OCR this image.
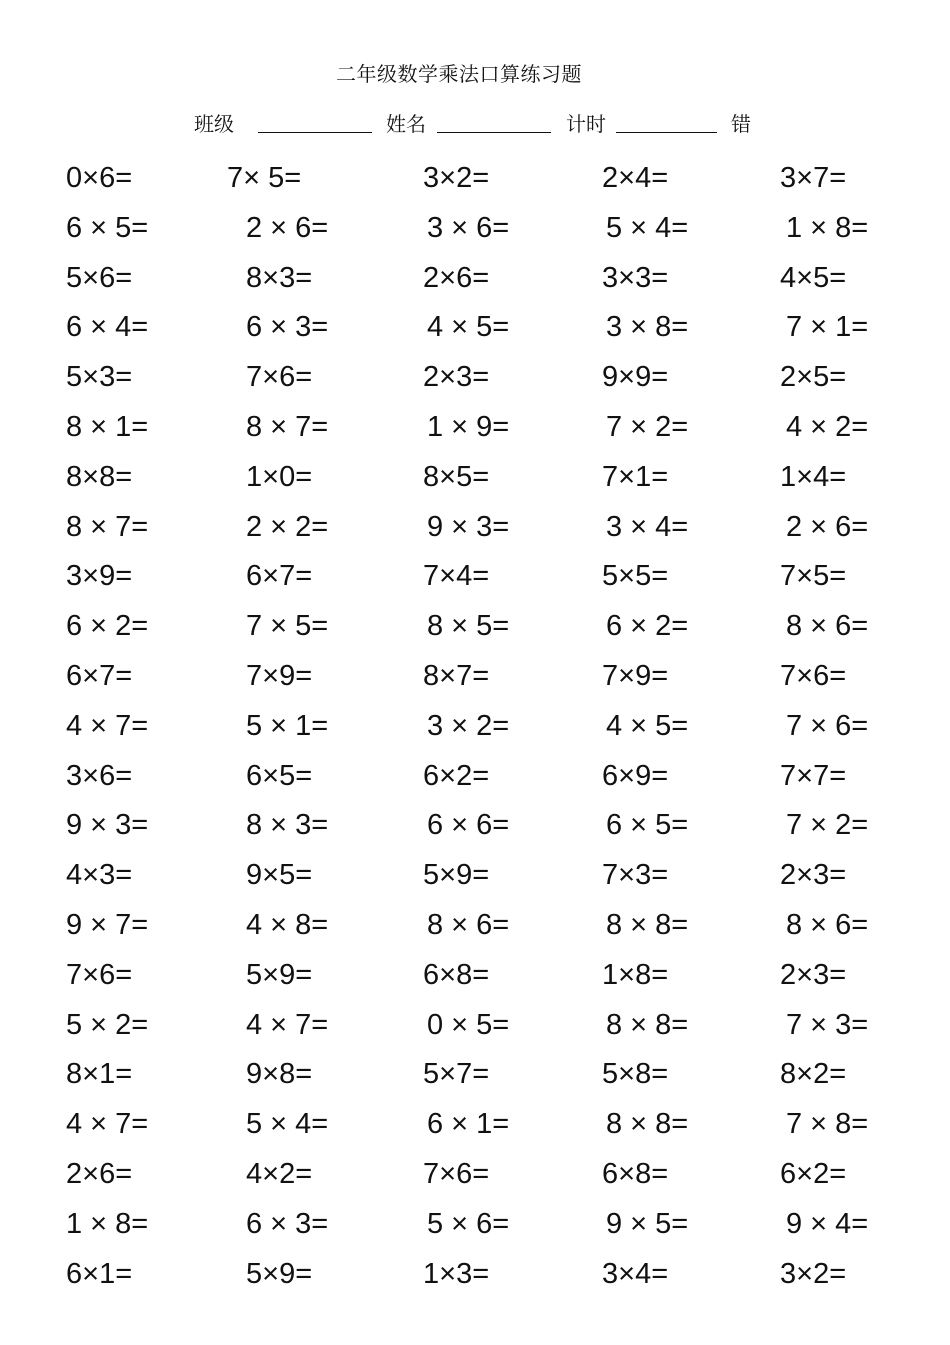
二年级数学乘法口算练习题
班级	姓名	计时	错
0×6=	7× 5=	3×2=	2×4=	3×7=
6 × 5=	2 × 6=	3 × 6=	5 × 4=	1 × 8=
5×6=	8×3=	2×6=	3×3=	4×5=
6 × 4=	6 × 3=	4 × 5=	3 × 8=	7 × 1=
5×3=	7×6=	2×3=	9×9=	2×5=
8 × 1=	8 × 7=	1 × 9=	7 × 2=	4 × 2=
8×8=	1×0=	8×5=	7×1=	1×4=
8 × 7=	2 × 2=	9 × 3=	3 × 4=	2 × 6=
3×9=	6×7=	7×4=	5×5=	7×5=
6 × 2=	7 × 5=	8 × 5=	6 × 2=	8 × 6=
6×7=	7×9=	8×7=	7×9=	7×6=
4 × 7=	5 × 1=	3 × 2=	4 × 5=	7 × 6=
3×6=	6×5=	6×2=	6×9=	7×7=
9 × 3=	8 × 3=	6 × 6=	6 × 5=	7 × 2=
4×3=	9×5=	5×9=	7×3=	2×3=
9 × 7=	4 × 8=	8 × 6=	8 × 8=	8 × 6=
7×6=	5×9=	6×8=	1×8=	2×3=
5 × 2=	4 × 7=	0 × 5=	8 × 8=	7 × 3=
8×1=	9×8=	5×7=	5×8=	8×2=
4 × 7=	5 × 4=	6 × 1=	8 × 8=	7 × 8=
2×6=	4×2=	7×6=	6×8=	6×2=
1 × 8=	6 × 3=	5 × 6=	9 × 5=	9 × 4=
6×1=	5×9=	1×3=	3×4=	3×2=
